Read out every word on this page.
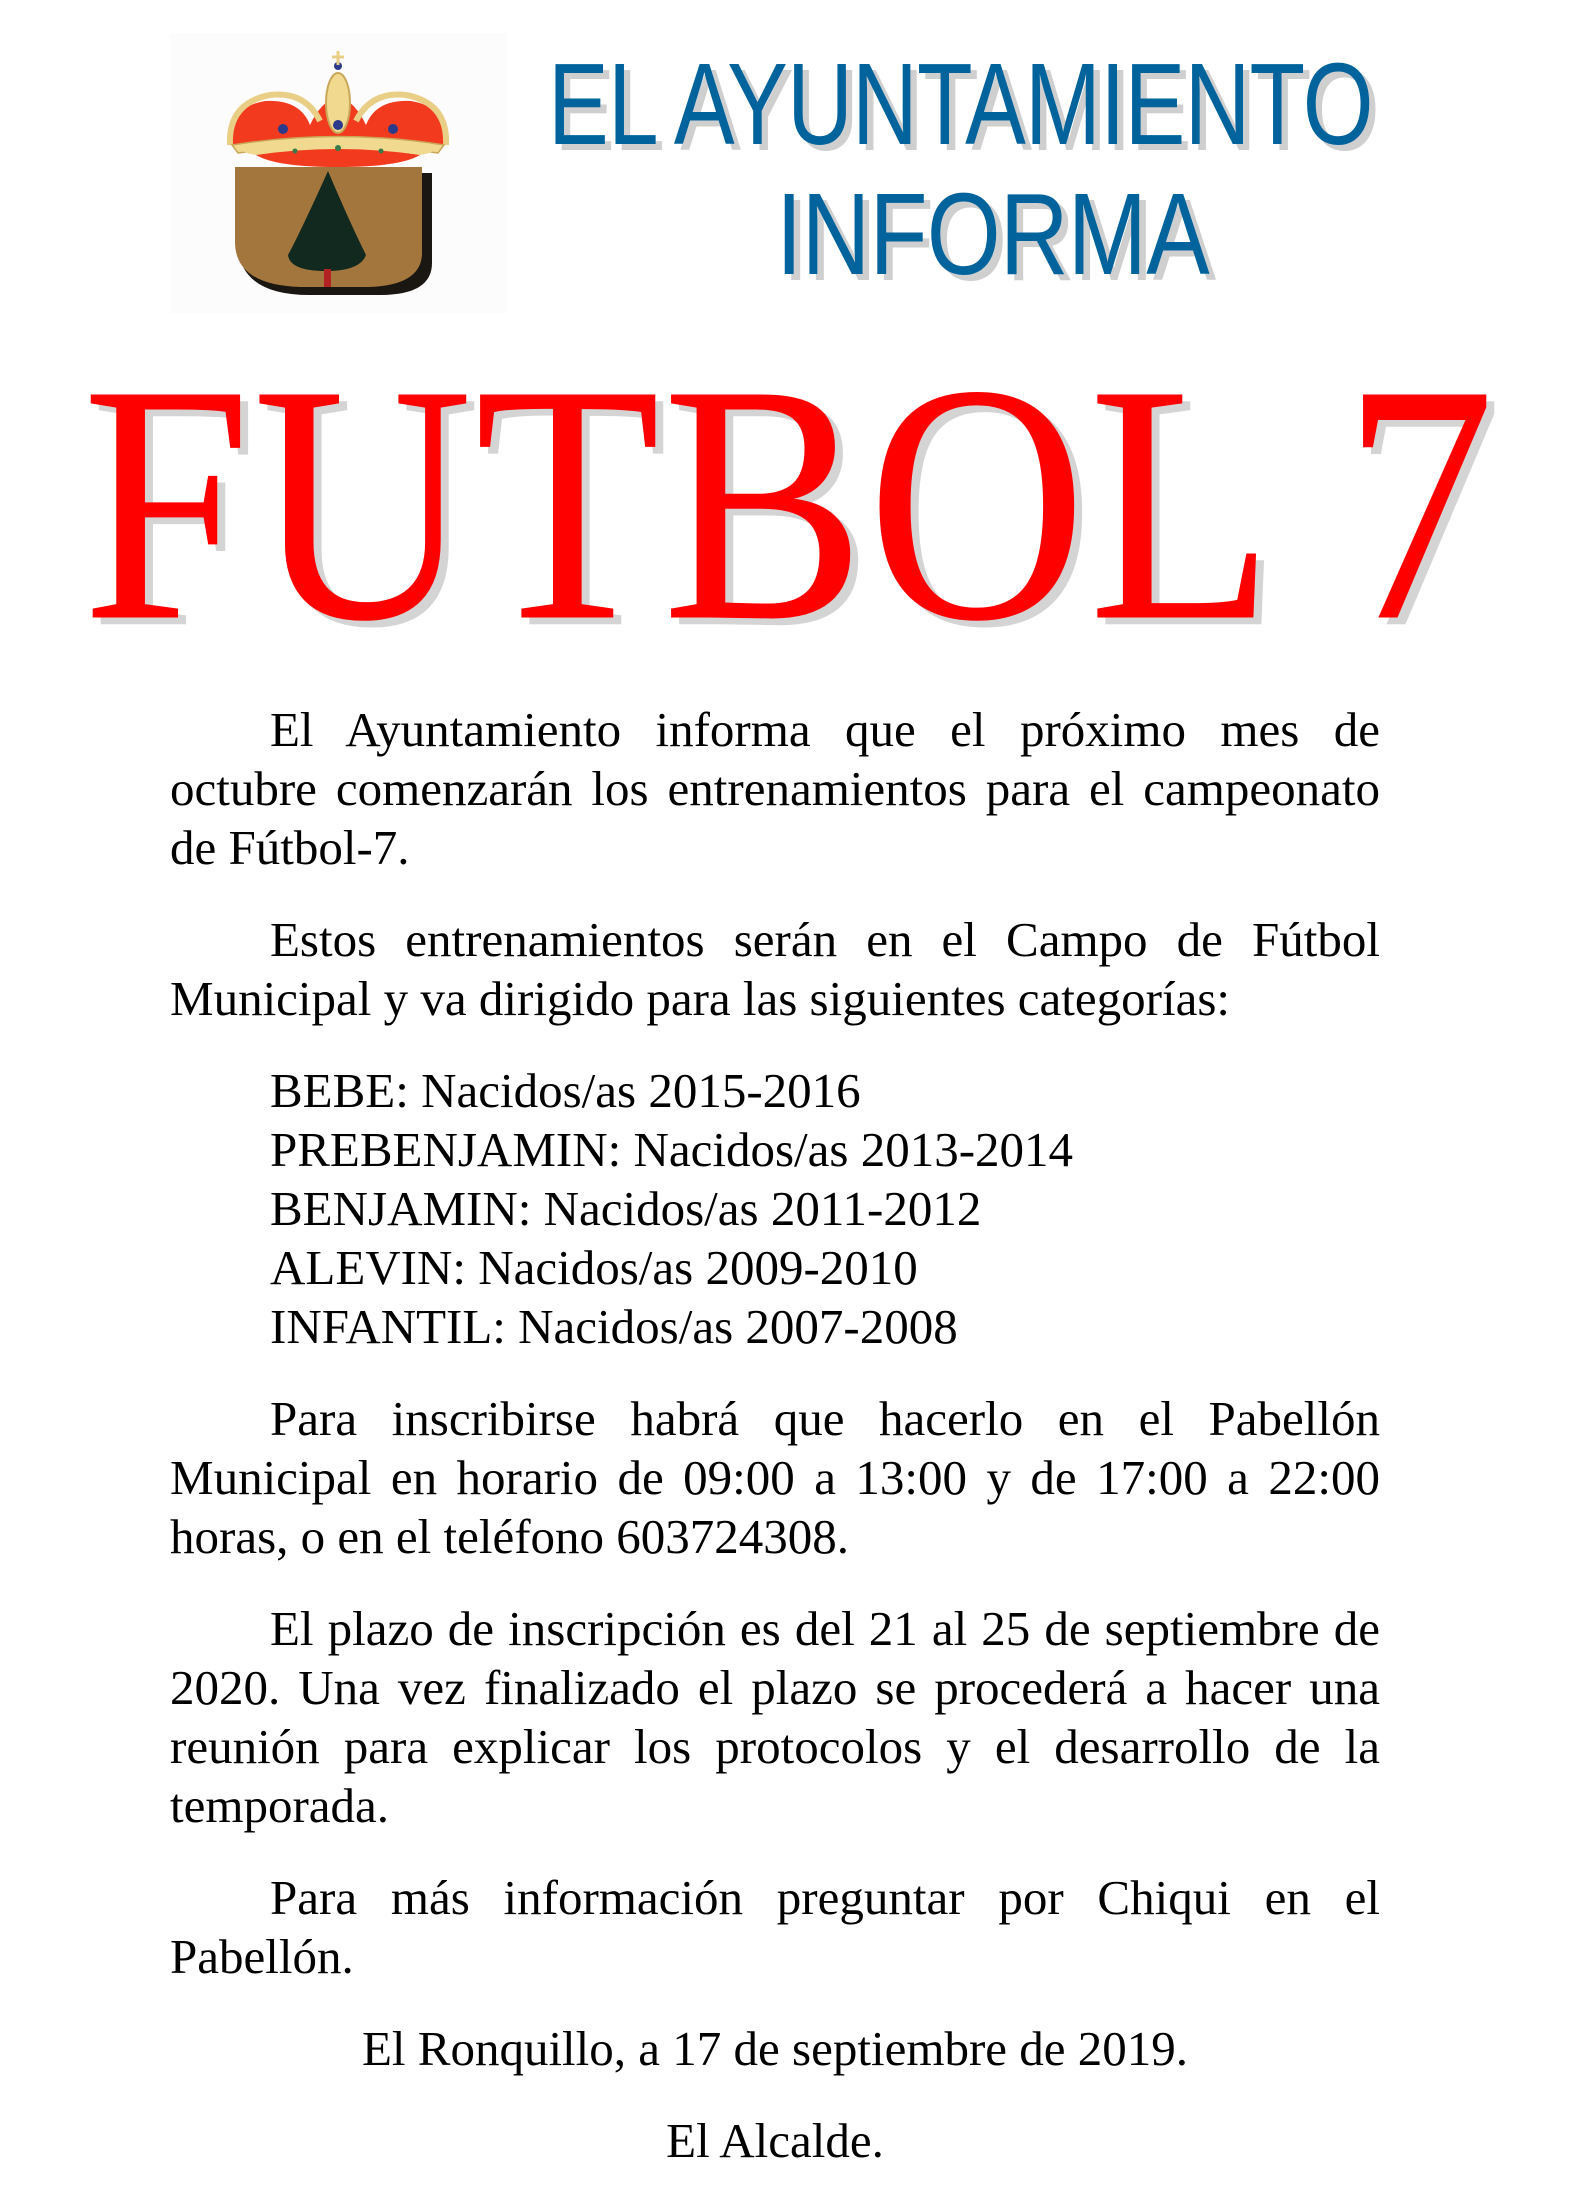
EL AYUNTAMIENTO
INFORMA
FUTBOL 7

El Ayuntamiento informa que el próximo mes de octubre comenzarán los entrenamientos para el campeonato de Fútbol-7.

Estos entrenamientos serán en el Campo de Fútbol Municipal y va dirigido para las siguientes categorías:

BEBE: Nacidos/as 2015-2016
PREBENJAMIN: Nacidos/as 2013-2014
BENJAMIN: Nacidos/as 2011-2012
ALEVIN: Nacidos/as 2009-2010
INFANTIL: Nacidos/as 2007-2008

Para inscribirse habrá que hacerlo en el Pabellón Municipal en horario de 09:00 a 13:00 y de 17:00 a 22:00 horas, o en el teléfono 603724308.

El plazo de inscripción es del 21 al 25 de septiembre de 2020. Una vez finalizado el plazo se procederá a hacer una reunión para explicar los protocolos y el desarrollo de la temporada.

Para más información preguntar por Chiqui en el Pabellón.

El Ronquillo, a 17 de septiembre de 2019.

El Alcalde.
